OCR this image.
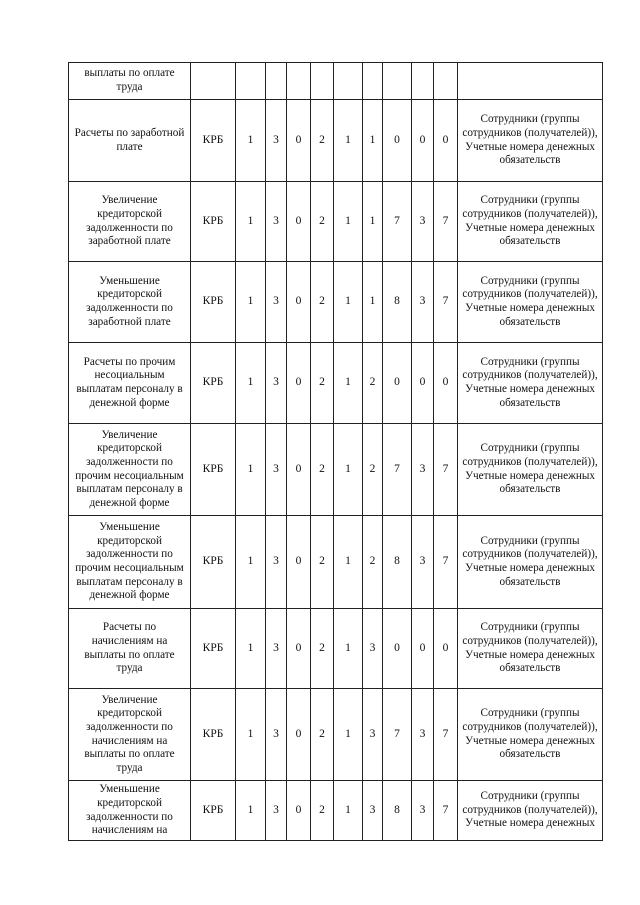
выплаты по оплате труда											
Расчеты по заработной плате	КРБ	1	3	0	2	1	1	0	0	0	Сотрудники (группы сотрудников (получателей)), Учетные номера денежных обязательств
Увеличение кредиторской задолженности по заработной плате	КРБ	1	3	0	2	1	1	7	3	7	Сотрудники (группы сотрудников (получателей)), Учетные номера денежных обязательств
Уменьшение кредиторской задолженности по заработной плате	КРБ	1	3	0	2	1	1	8	3	7	Сотрудники (группы сотрудников (получателей)), Учетные номера денежных обязательств
Расчеты по прочим несоциальным выплатам персоналу в денежной форме	КРБ	1	3	0	2	1	2	0	0	0	Сотрудники (группы сотрудников (получателей)), Учетные номера денежных обязательств
Увеличение кредиторской задолженности по прочим несоциальным выплатам персоналу в денежной форме	КРБ	1	3	0	2	1	2	7	3	7	Сотрудники (группы сотрудников (получателей)), Учетные номера денежных обязательств
Уменьшение кредиторской задолженности по прочим несоциальным выплатам персоналу в денежной форме	КРБ	1	3	0	2	1	2	8	3	7	Сотрудники (группы сотрудников (получателей)), Учетные номера денежных обязательств
Расчеты по начислениям на выплаты по оплате труда	КРБ	1	3	0	2	1	3	0	0	0	Сотрудники (группы сотрудников (получателей)), Учетные номера денежных обязательств
Увеличение кредиторской задолженности по начислениям на выплаты по оплате труда	КРБ	1	3	0	2	1	3	7	3	7	Сотрудники (группы сотрудников (получателей)), Учетные номера денежных обязательств
Уменьшение кредиторской задолженности по начислениям на	КРБ	1	3	0	2	1	3	8	3	7	Сотрудники (группы сотрудников (получателей)), Учетные номера денежных
